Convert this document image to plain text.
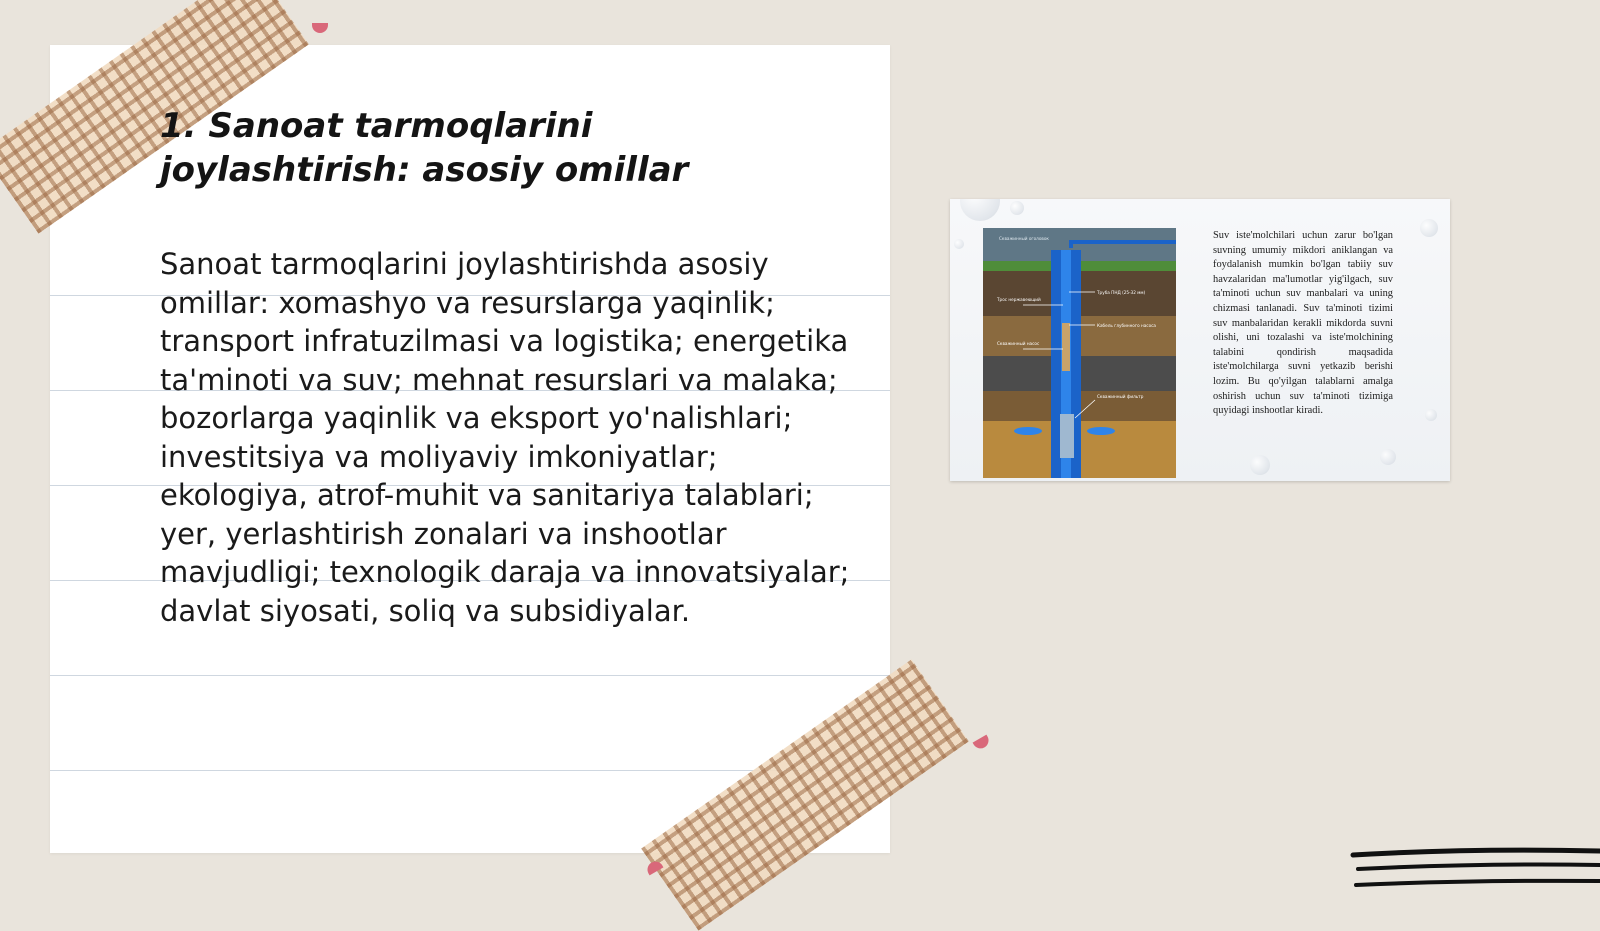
1. Sanoat tarmoqlarini joylashtirish: asosiy omillar

Sanoat tarmoqlarini joylashtirishda asosiy omillar: xomashyo va resurslarga yaqinlik; transport infratuzilmasi va logistika; energetika ta'minoti va suv; mehnat resurslari va malaka; bozorlarga yaqinlik va eksport yo'nalishlari; investitsiya va moliyaviy imkoniyatlar; ekologiya, atrof-muhit va sanitariya talablari; yer, yerlashtirish zonalari va inshootlar mavjudligi; texnologik daraja va innovatsiyalar; davlat siyosati, soliq va subsidiyalar.

Скважинный оголовок
Труба ПНД (25-32 мм)
Трос нержавеющий
Кабель глубинного насоса
Скважинный насос
Скважинный фильтр

Suv iste'molchilari uchun zarur bo'lgan suvning umumiy mikdori aniklangan va foydalanish mumkin bo'lgan tabiiy suv havzalaridan ma'lumotlar yig'ilgach, suv ta'minoti uchun suv manbalari va uning chizmasi tanlanadi. Suv ta'minoti tizimi suv manbalaridan kerakli mikdorda suvni olishi, uni tozalashi va iste'molchining talabini qondirish maqsadida iste'molchilarga suvni yetkazib berishi lozim. Bu qo'yilgan talablarni amalga oshirish uchun suv ta'minoti tizimiga quyidagi inshootlar kiradi.
